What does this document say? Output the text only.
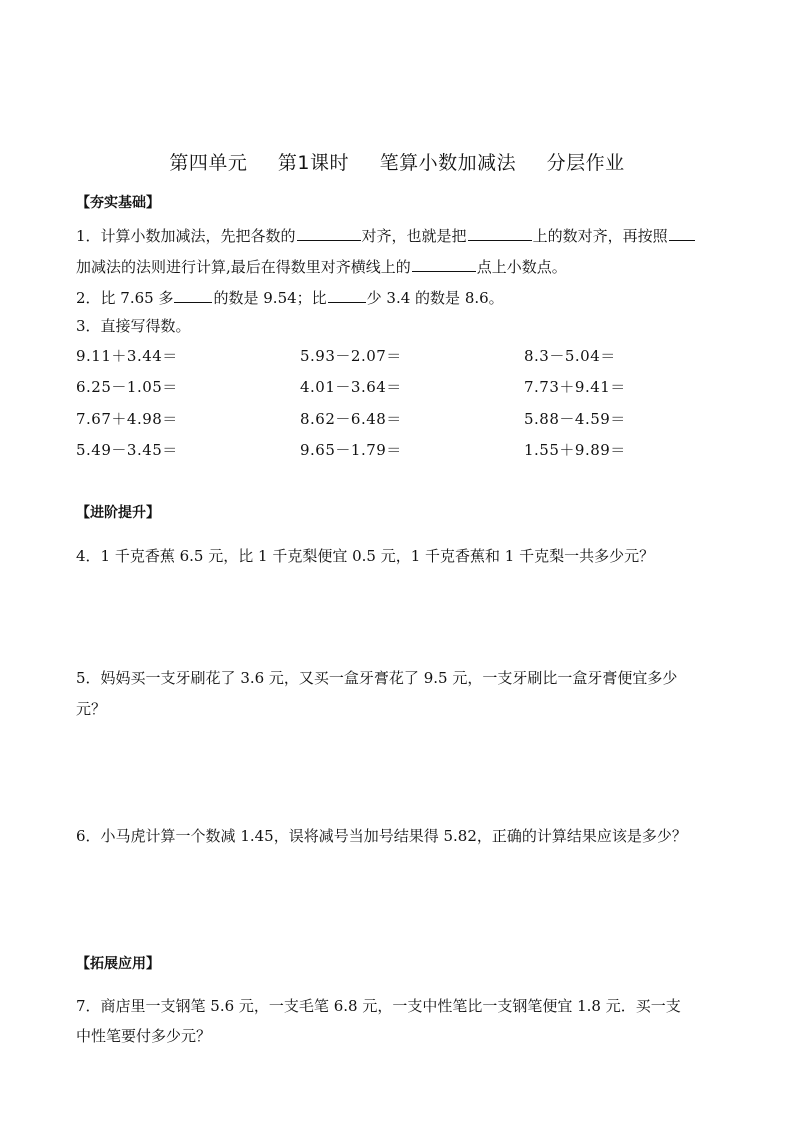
第四单元 第1课时 笔算小数加减法 分层作业
【夯实基础】
1．计算小数加减法，先把各数的	对齐，也就是把	上的数对齐，再按照
加减法的法则进行计算,最后在得数里对齐横线上的	点上小数点。
2．比 7.65 多	的数是 9.54；比	少 3.4 的数是 8.6。
3．直接写得数。
9.11＋3.44＝	5.93－2.07＝	8.3－5.04＝
6.25－1.05＝	4.01－3.64＝	7.73＋9.41＝
7.67＋4.98＝	8.62－6.48＝	5.88－4.59＝
5.49－3.45＝	9.65－1.79＝	1.55＋9.89＝
【进阶提升】
4．1 千克香蕉 6.5 元，比 1 千克梨便宜 0.5 元，1 千克香蕉和 1 千克梨一共多少元？
5．妈妈买一支牙刷花了 3.6 元，又买一盒牙膏花了 9.5 元，一支牙刷比一盒牙膏便宜多少
元？
6．小马虎计算一个数减 1.45，误将减号当加号结果得 5.82，正确的计算结果应该是多少？
【拓展应用】
7．商店里一支钢笔 5.6 元，一支毛笔 6.8 元，一支中性笔比一支钢笔便宜 1.8 元．买一支
中性笔要付多少元？
